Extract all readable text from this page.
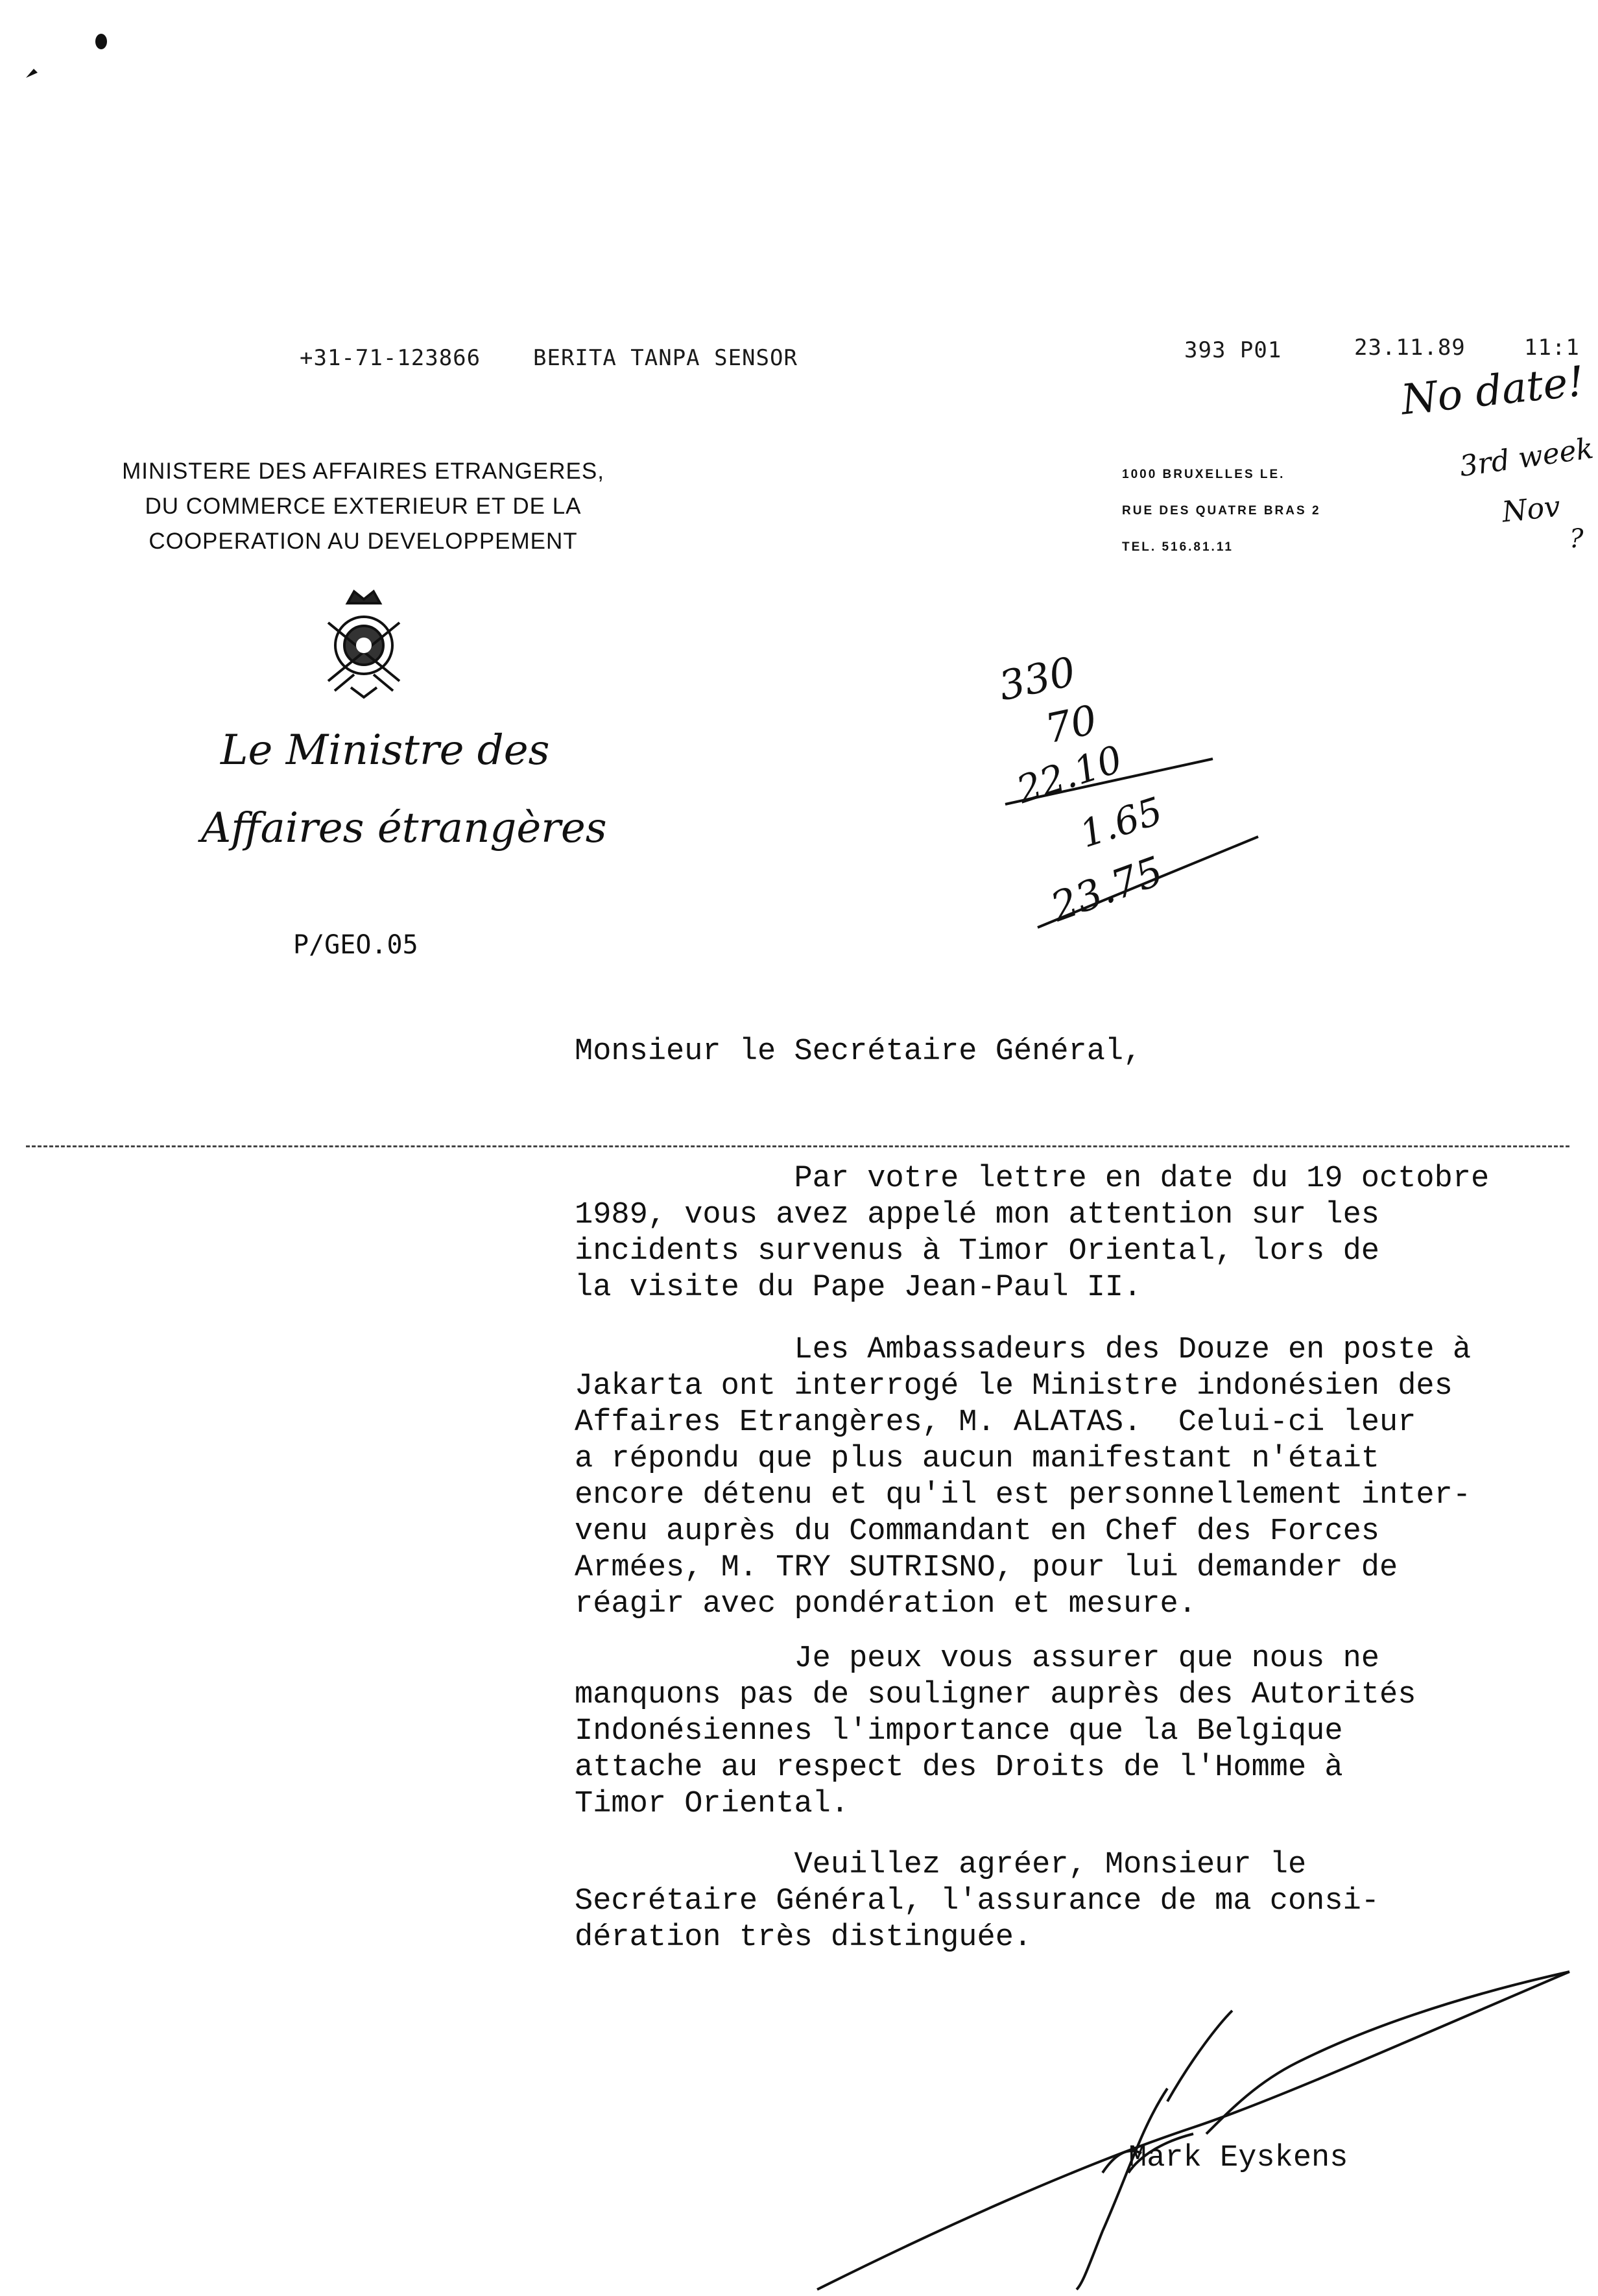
+31-71-123866 BERITA TANPA SENSOR	393 P01	23.11.89	11:1
No date!
3rd week
Nov
?
MINISTERE DES AFFAIRES ETRANGERES,
DU COMMERCE EXTERIEUR ET DE LA
COOPERATION AU DEVELOPPEMENT
1000 BRUXELLES LE.
RUE DES QUATRE BRAS 2
TEL. 516.81.11
Le Ministre des
Affaires étrangères
P/GEO.05
330
70
22.10
1.65
23.75
Monsieur le Secrétaire Général,
Par votre lettre en date du 19 octobre
1989, vous avez appelé mon attention sur les
incidents survenus à Timor Oriental, lors de
la visite du Pape Jean-Paul II.
Les Ambassadeurs des Douze en poste à
Jakarta ont interrogé le Ministre indonésien des
Affaires Etrangères, M. ALATAS.  Celui-ci leur
a répondu que plus aucun manifestant n'était
encore détenu et qu'il est personnellement inter-
venu auprès du Commandant en Chef des Forces
Armées, M. TRY SUTRISNO, pour lui demander de
réagir avec pondération et mesure.
Je peux vous assurer que nous ne
manquons pas de souligner auprès des Autorités
Indonésiennes l'importance que la Belgique
attache au respect des Droits de l'Homme à
Timor Oriental.
Veuillez agréer, Monsieur le
Secrétaire Général, l'assurance de ma consi-
dération très distinguée.
Mark Eyskens
